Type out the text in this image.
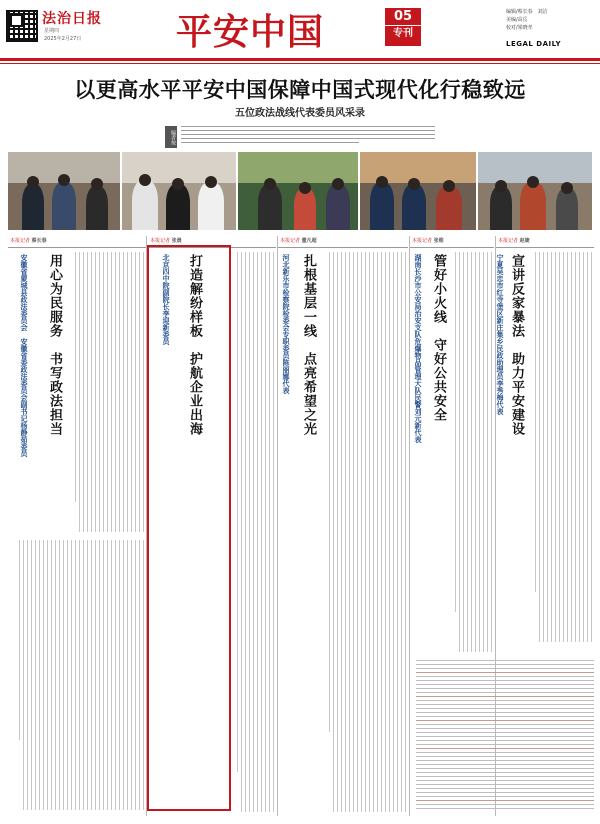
法治日报
星期四
2025年2月27日	平安中国	05
专刊
编辑/蔡长春　刘洁
美编/高岳
校对/梁晓孝
LEGAL DAILY
以更高水平平安中国保障中国式现代化行稳致远
五位政法战线代表委员风采录
编者按
本报记者 蔡长春
用心为民服务　书写政法担当
安徽省蒙城县政法委员会　安徽省委政法委员会副书记杨静茹委员
本报记者 张晨
打造解纷样板　护航企业出海
北京四中院副院长李迎新委员
本报记者 董凡超
扎根基层一线　点亮希望之光
河北新乐市检察院检委会专职委员陈丽娜代表
本报记者 张维
管好小火线　守好公共安全
湖南长沙市公安局治安支队危爆物品管理大队民警刘元新代表
本报记者 赵婕
宣讲反家暴法　助力平安建设
宁夏吴忠市红寺堡区新庄集乡民政助理员李秀梅代表
